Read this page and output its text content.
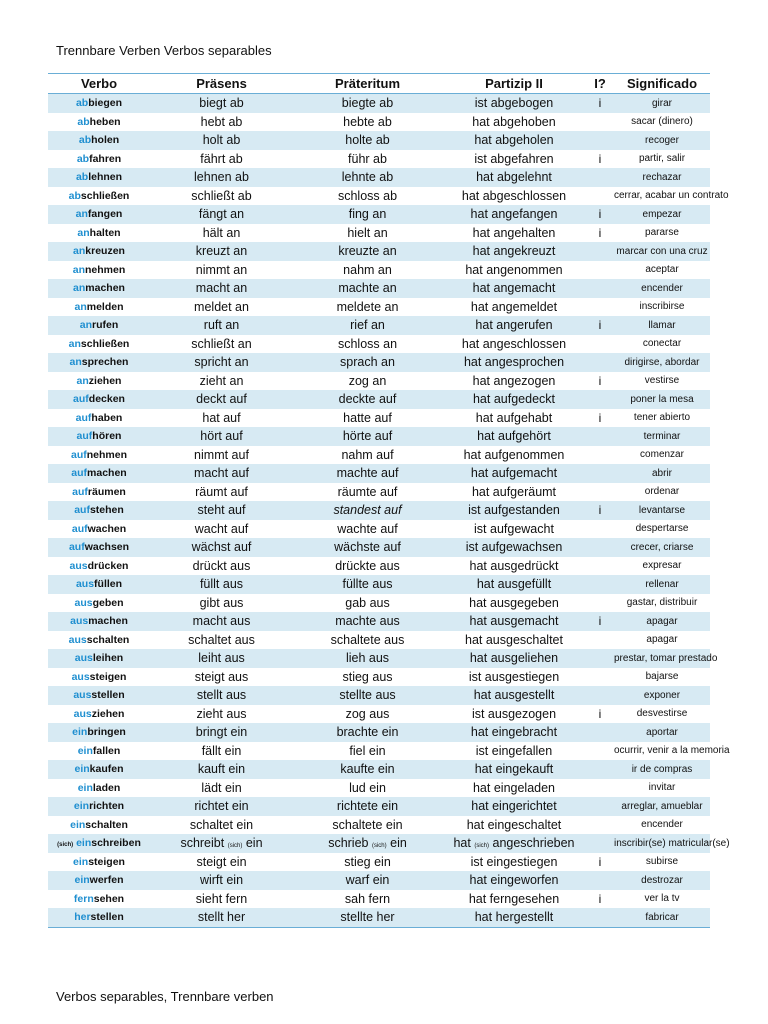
Trennbare Verben Verbos separables
Verbo	Präsens	Präteritum	Partizip II	I?	Significado
abbiegen	biegt ab	biegte ab	ist abgebogen	i	girar
abheben	hebt ab	hebte ab	hat abgehoben		sacar (dinero)
abholen	holt ab	holte ab	hat abgeholen		recoger
abfahren	fährt ab	führ ab	ist abgefahren	i	partir, salir
ablehnen	lehnen ab	lehnte ab	hat abgelehnt		rechazar
abschließen	schließt ab	schloss ab	hat abgeschlossen		cerrar, acabar un contrato
anfangen	fängt an	fing an	hat angefangen	i	empezar
anhalten	hält an	hielt an	hat angehalten	i	pararse
ankreuzen	kreuzt an	kreuzte an	hat angekreuzt		marcar con una cruz
annehmen	nimmt an	nahm an	hat angenommen		aceptar
anmachen	macht an	machte an	hat angemacht		encender
anmelden	meldet an	meldete an	hat angemeldet		inscribirse
anrufen	ruft an	rief an	hat angerufen	i	llamar
anschließen	schließt an	schloss an	hat angeschlossen		conectar
ansprechen	spricht an	sprach an	hat angesprochen		dirigirse, abordar
anziehen	zieht an	zog an	hat angezogen	i	vestirse
aufdecken	deckt auf	deckte auf	hat aufgedeckt		poner la mesa
aufhaben	hat auf	hatte auf	hat aufgehabt	i	tener abierto
aufhören	hört auf	hörte auf	hat aufgehört		terminar
aufnehmen	nimmt auf	nahm auf	hat aufgenommen		comenzar
aufmachen	macht auf	machte auf	hat aufgemacht		abrir
aufräumen	räumt auf	räumte auf	hat aufgeräumt		ordenar
aufstehen	steht auf	standest auf	ist aufgestanden	i	levantarse
aufwachen	wacht auf	wachte auf	ist aufgewacht		despertarse
aufwachsen	wächst auf	wächste auf	ist aufgewachsen		crecer, criarse
ausdrücken	drückt aus	drückte aus	hat ausgedrückt		expresar
ausfüllen	füllt aus	füllte aus	hat ausgefüllt		rellenar
ausgeben	gibt aus	gab aus	hat ausgegeben		gastar, distribuir
ausmachen	macht aus	machte aus	hat ausgemacht	i	apagar
ausschalten	schaltet aus	schaltete aus	hat ausgeschaltet		apagar
ausleihen	leiht aus	lieh aus	hat ausgeliehen		prestar, tomar prestado
aussteigen	steigt aus	stieg aus	ist ausgestiegen		bajarse
ausstellen	stellt aus	stellte aus	hat ausgestellt		exponer
ausziehen	zieht aus	zog aus	ist ausgezogen	i	desvestirse
einbringen	bringt ein	brachte ein	hat eingebracht		aportar
einfallen	fällt ein	fiel ein	ist eingefallen		ocurrir, venir a la memoria
einkaufen	kauft ein	kaufte ein	hat eingekauft		ir de compras
einladen	lädt ein	lud ein	hat eingeladen		invitar
einrichten	richtet ein	richtete ein	hat eingerichtet		arreglar, amueblar
einschalten	schaltet ein	schaltete ein	hat eingeschaltet		encender
(sich) einschreiben	schreibt (sich) ein	schrieb (sich) ein	hat (sich) angeschrieben		inscribir(se) matricular(se)
einsteigen	steigt ein	stieg ein	ist eingestiegen	i	subirse
einwerfen	wirft ein	warf ein	hat eingeworfen		destrozar
fernsehen	sieht fern	sah fern	hat ferngesehen	i	ver la tv
herstellen	stellt her	stellte her	hat hergestellt		fabricar
Verbos separables, Trennbare verben
